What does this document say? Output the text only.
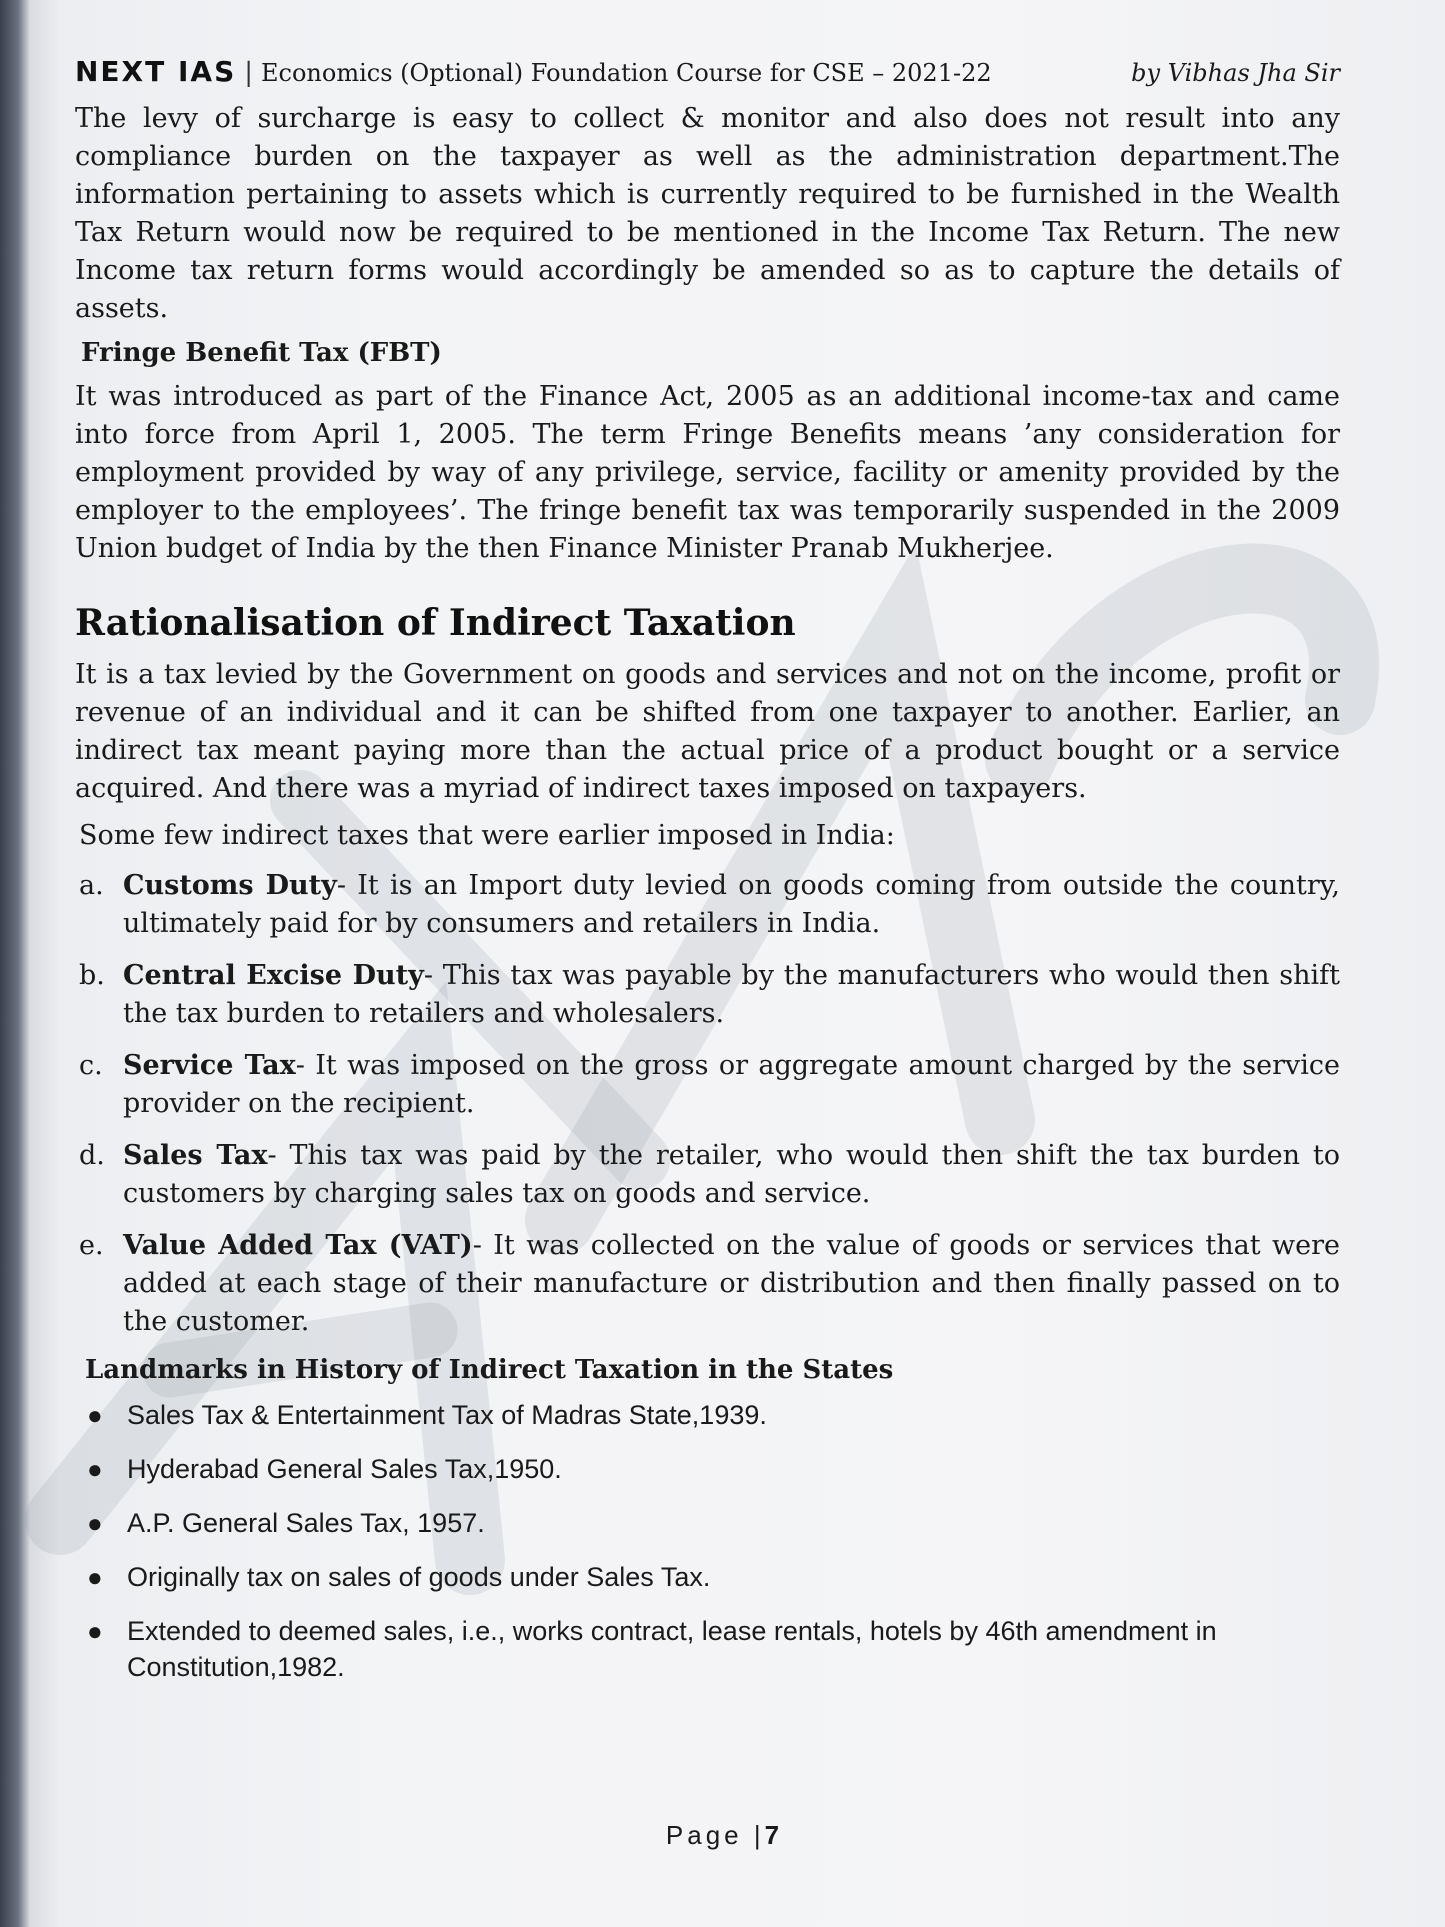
NEXT IAS | Economics (Optional) Foundation Course for CSE – 2021-22	by Vibhas Jha Sir

The levy of surcharge is easy to collect & monitor and also does not result into any compliance burden on the taxpayer as well as the administration department.The information pertaining to assets which is currently required to be furnished in the Wealth Tax Return would now be required to be mentioned in the Income Tax Return. The new Income tax return forms would accordingly be amended so as to capture the details of assets.

Fringe Benefit Tax (FBT)

It was introduced as part of the Finance Act, 2005 as an additional income-tax and came into force from April 1, 2005. The term Fringe Benefits means ’any consideration for employment provided by way of any privilege, service, facility or amenity provided by the employer to the employees’. The fringe benefit tax was temporarily suspended in the 2009 Union budget of India by the then Finance Minister Pranab Mukherjee.

Rationalisation of Indirect Taxation

It is a tax levied by the Government on goods and services and not on the income, profit or revenue of an individual and it can be shifted from one taxpayer to another. Earlier, an indirect tax meant paying more than the actual price of a product bought or a service acquired. And there was a myriad of indirect taxes imposed on taxpayers.

Some few indirect taxes that were earlier imposed in India:

a. Customs Duty- It is an Import duty levied on goods coming from outside the country, ultimately paid for by consumers and retailers in India.
b. Central Excise Duty- This tax was payable by the manufacturers who would then shift the tax burden to retailers and wholesalers.
c. Service Tax- It was imposed on the gross or aggregate amount charged by the service provider on the recipient.
d. Sales Tax- This tax was paid by the retailer, who would then shift the tax burden to customers by charging sales tax on goods and service.
e. Value Added Tax (VAT)- It was collected on the value of goods or services that were added at each stage of their manufacture or distribution and then finally passed on to the customer.
Landmarks in History of Indirect Taxation in the States
● Sales Tax & Entertainment Tax of Madras State,1939.
● Hyderabad General Sales Tax,1950.
● A.P. General Sales Tax, 1957.
● Originally tax on sales of goods under Sales Tax.
● Extended to deemed sales, i.e., works contract, lease rentals, hotels by 46th amendment in Constitution,1982.
Page |7
